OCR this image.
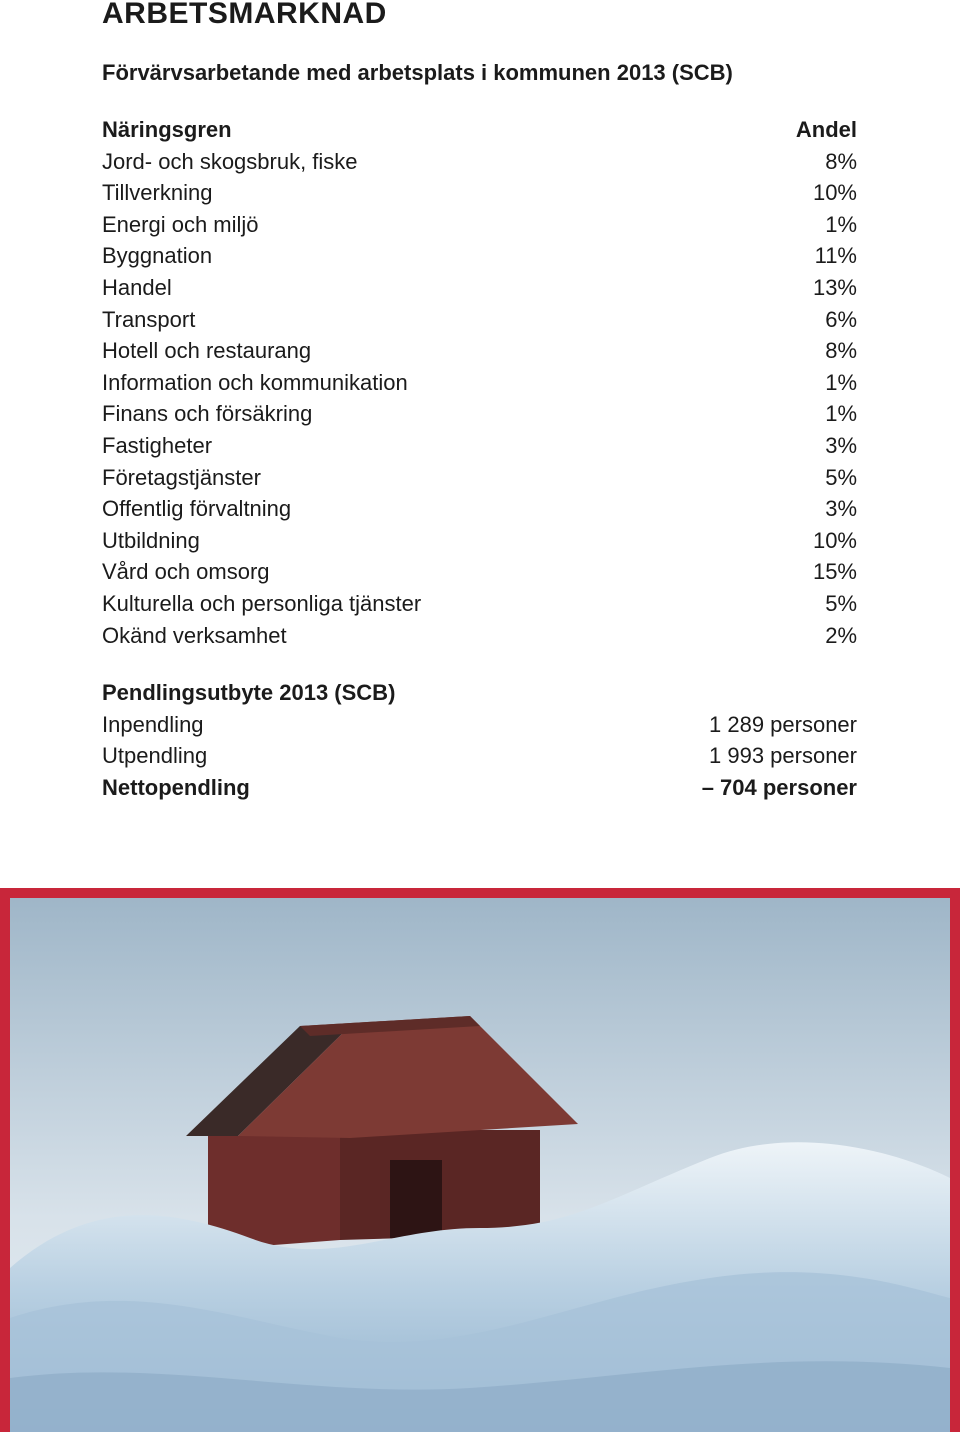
ARBETSMARKNAD
Förvärvsarbetande med arbetsplats i kommunen 2013 (SCB)
Näringsgren	Andel
Jord- och skogsbruk, fiske	8%
Tillverkning	10%
Energi och miljö	1%
Byggnation	11%
Handel	13%
Transport	6%
Hotell och restaurang	8%
Information och kommunikation	1%
Finans och försäkring	1%
Fastigheter	3%
Företagstjänster	5%
Offentlig förvaltning	3%
Utbildning	10%
Vård och omsorg	15%
Kulturella och personliga tjänster	5%
Okänd verksamhet	2%
Pendlingsutbyte 2013 (SCB)
Inpendling	1 289 personer
Utpendling	1 993 personer
Nettopendling	– 704 personer
